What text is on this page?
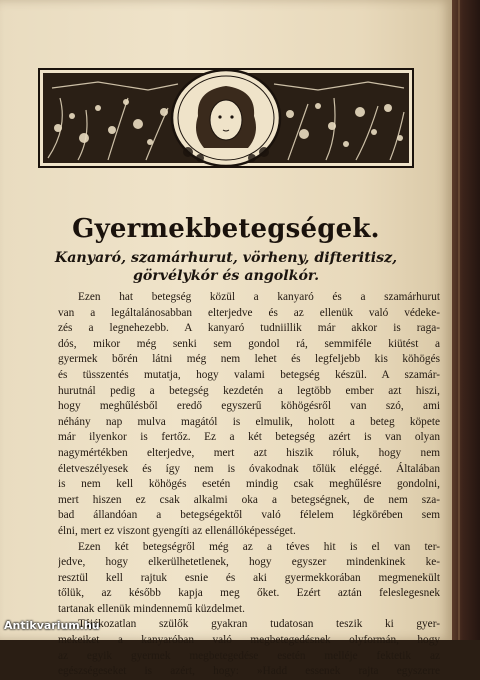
Gyermekbetegségek.
Kanyaró, szamárhurut, vörheny, difteritisz,
görvélykór és angolkór.
Ezen hat betegség közül a kanyaró és a szamárhurut
van a legáltalánosabban elterjedve és az ellenük való védeke-
zés a legnehezebb. A kanyaró tudniillik már akkor is raga-
dós, mikor még senki sem gondol rá, semmiféle kiütést a
gyermek bőrén látni még nem lehet és legfeljebb kis köhögés
és tüsszentés mutatja, hogy valami betegség készül. A szamár-
hurutnál pedig a betegség kezdetén a legtöbb ember azt hiszi,
hogy meghűlésből eredő egyszerű köhögésről van szó, ami
néhány nap mulva magától is elmulik, holott a beteg köpete
már ilyenkor is fertőz. Ez a két betegség azért is van olyan
nagymértékben elterjedve, mert azt hiszik róluk, hogy nem
életveszélyesek és így nem is óvakodnak tőlük eléggé. Általában
is nem kell köhögés esetén mindig csak meghűlésre gondolni,
mert hiszen ez csak alkalmi oka a betegségnek, de nem sza-
bad állandóan a betegségektől való félelem légkörében sem
élni, mert ez viszont gyengíti az ellenállóképességet.
Ezen két betegségről még az a téves hit is el van ter-
jedve, hogy elkerülhetetlenek, hogy egyszer mindenkinek ke-
resztül kell rajtuk esnie és aki gyermekkorában megmenekült
tőlük, az később kapja meg őket. Ezért aztán feleslegesnek
tartanak ellenük mindennemű küzdelmet.
Tájékozatlan szülők gyakran tudatosan teszik ki gyer-
mekeiket a kanyaróban való megbetegedésnek olyformán, hogy
az egyik gyermek megbetegedése esetén melléje fektetik az
egészségeseket is azért, hogy: »Hadd essenek rajta egyszerre
Antikvarium.hu
